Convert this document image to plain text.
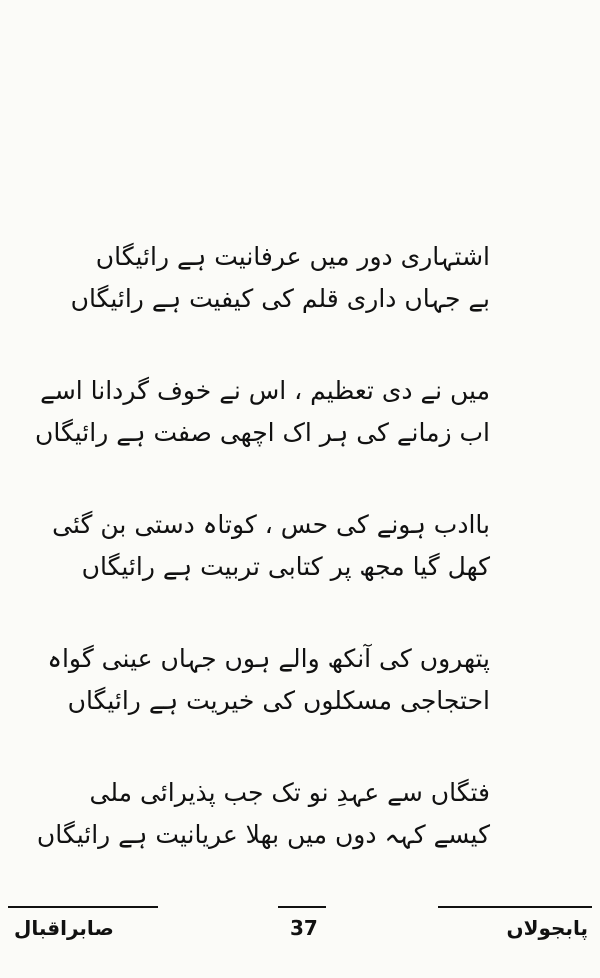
اشتہاری دور میں عرفانیت ہے رائیگاں
بے جہاں داری قلم کی کیفیت ہے رائیگاں
میں نے دی تعظیم ، اس نے خوف گردانا اسے
اب زمانے کی ہر اک اچھی صفت ہے رائیگاں
باادب ہونے کی حس ، کوتاہ دستی بن گئی
کھل گیا مجھ پر کتابی تربیت ہے رائیگاں
پتھروں کی آنکھ والے ہوں جہاں عینی گواہ
احتجاجی مسکلوں کی خیریت ہے رائیگاں
فتگاں سے عہدِ نو تک جب پذیرائی ملی
کیسے کہہ دوں میں بھلا عریانیت ہے رائیگاں
صابراقبال	37	پابجولاں
